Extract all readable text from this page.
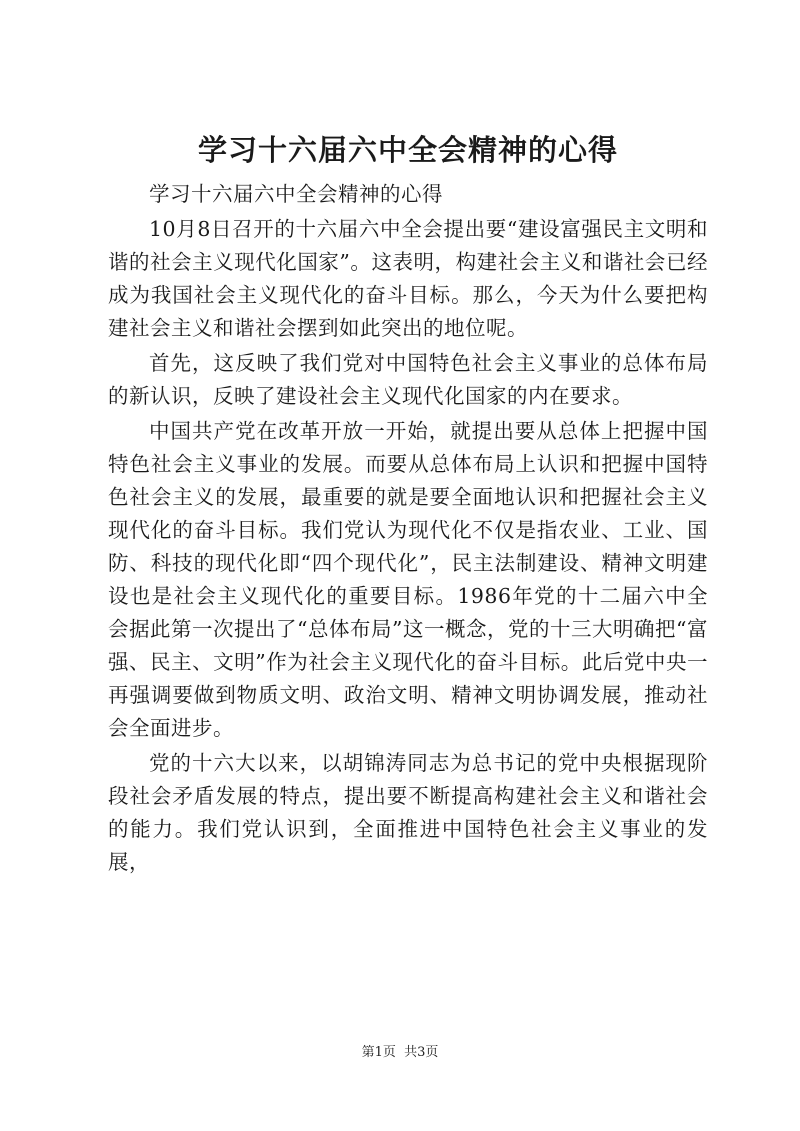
学习十六届六中全会精神的心得

学习十六届六中全会精神的心得

10月8日召开的十六届六中全会提出要“建设富强民主文明和谐的社会主义现代化国家”。这表明，构建社会主义和谐社会已经成为我国社会主义现代化的奋斗目标。那么，今天为什么要把构建社会主义和谐社会摆到如此突出的地位呢。

首先，这反映了我们党对中国特色社会主义事业的总体布局的新认识，反映了建设社会主义现代化国家的内在要求。

中国共产党在改革开放一开始，就提出要从总体上把握中国特色社会主义事业的发展。而要从总体布局上认识和把握中国特色社会主义的发展，最重要的就是要全面地认识和把握社会主义现代化的奋斗目标。我们党认为现代化不仅是指农业、工业、国防、科技的现代化即“四个现代化”，民主法制建设、精神文明建设也是社会主义现代化的重要目标。1986年党的十二届六中全会据此第一次提出了“总体布局”这一概念，党的十三大明确把“富强、民主、文明”作为社会主义现代化的奋斗目标。此后党中央一再强调要做到物质文明、政治文明、精神文明协调发展，推动社会全面进步。

党的十六大以来，以胡锦涛同志为总书记的党中央根据现阶段社会矛盾发展的特点，提出要不断提高构建社会主义和谐社会的能力。我们党认识到，全面推进中国特色社会主义事业的发展，

第1页 共3页
